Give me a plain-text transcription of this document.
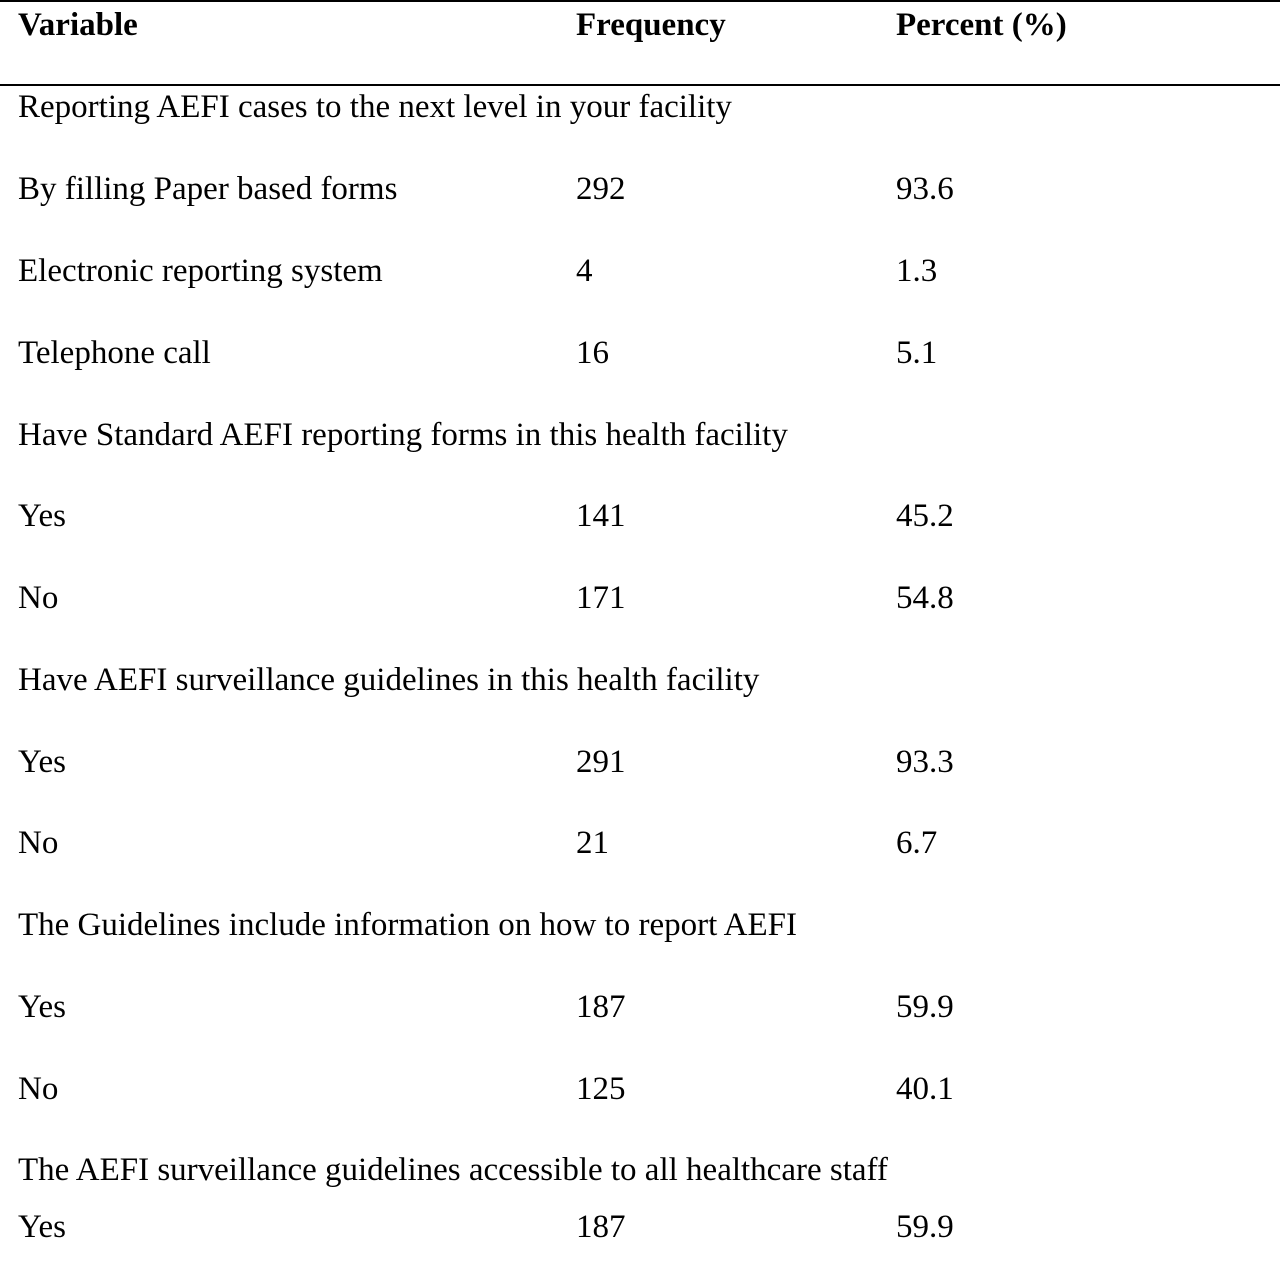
Variable	Frequency	Percent (%)
Reporting AEFI cases to the next level in your facility
By filling Paper based forms	292	93.6
Electronic reporting system	4	1.3
Telephone call	16	5.1
Have Standard AEFI reporting forms in this health facility
Yes	141	45.2
No	171	54.8
Have AEFI surveillance guidelines in this health facility
Yes	291	93.3
No	21	6.7
The Guidelines include information on how to report AEFI
Yes	187	59.9
No	125	40.1
The AEFI surveillance guidelines accessible to all healthcare staff
Yes	187	59.9
